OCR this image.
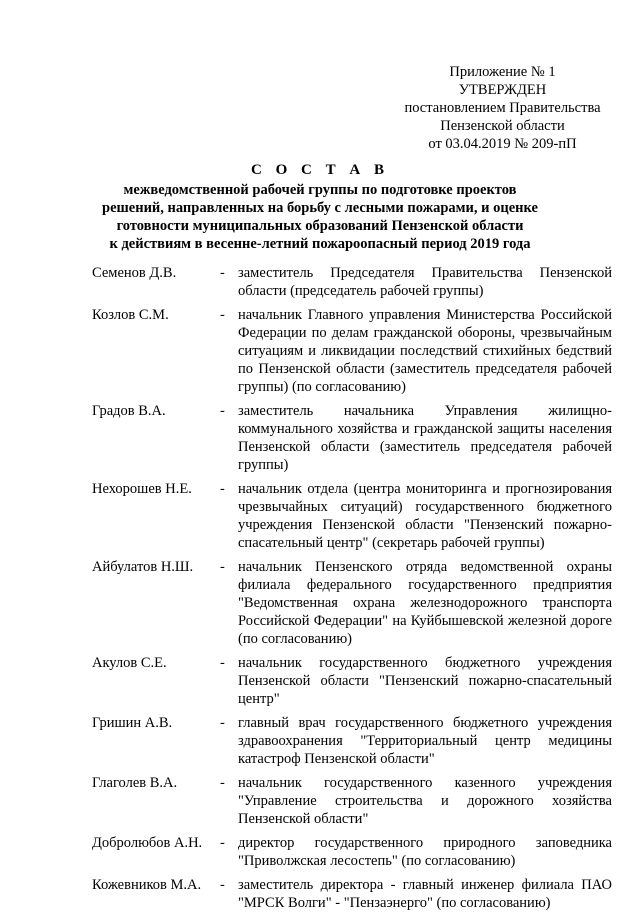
Приложение № 1
УТВЕРЖДЕН
постановлением Правительства
Пензенской области
от 03.04.2019 № 209-пП
С О С Т А В
межведомственной рабочей группы по подготовке проектов
решений, направленных на борьбу с лесными пожарами, и оценке
готовности муниципальных образований Пензенской области
к действиям в весенне-летний пожароопасный период 2019 года
Семенов Д.В.	- заместитель Председателя Правительства Пензенской области (председатель рабочей группы)
Козлов С.М.	- начальник Главного управления Министерства Российской Федерации по делам гражданской обороны, чрезвычайным ситуациям и ликвидации последствий стихийных бедствий по Пензенской области (заместитель председателя рабочей группы) (по согласованию)
Градов В.А.	- заместитель начальника Управления жилищно-коммунального хозяйства и гражданской защиты населения Пензенской области (заместитель председателя рабочей группы)
Нехорошев Н.Е.	- начальник отдела (центра мониторинга и прогнозирования чрезвычайных ситуаций) государственного бюджетного учреждения Пензенской области "Пензенский пожарно-спасательный центр" (секретарь рабочей группы)
Айбулатов Н.Ш.	- начальник Пензенского отряда ведомственной охраны филиала федерального государственного предприятия "Ведомственная охрана железнодорожного транспорта Российской Федерации" на Куйбышевской железной дороге (по согласованию)
Акулов С.Е.	- начальник государственного бюджетного учреждения Пензенской области "Пензенский пожарно-спасательный центр"
Гришин А.В.	- главный врач государственного бюджетного учреждения здравоохранения "Территориальный центр медицины катастроф Пензенской области"
Глаголев В.А.	- начальник государственного казенного учреждения "Управление строительства и дорожного хозяйства Пензенской области"
Добролюбов А.Н.	- директор государственного природного заповедника "Приволжская лесостепь" (по согласованию)
Кожевников М.А.	- заместитель директора - главный инженер филиала ПАО "МРСК Волги" - "Пензаэнерго" (по согласованию)
